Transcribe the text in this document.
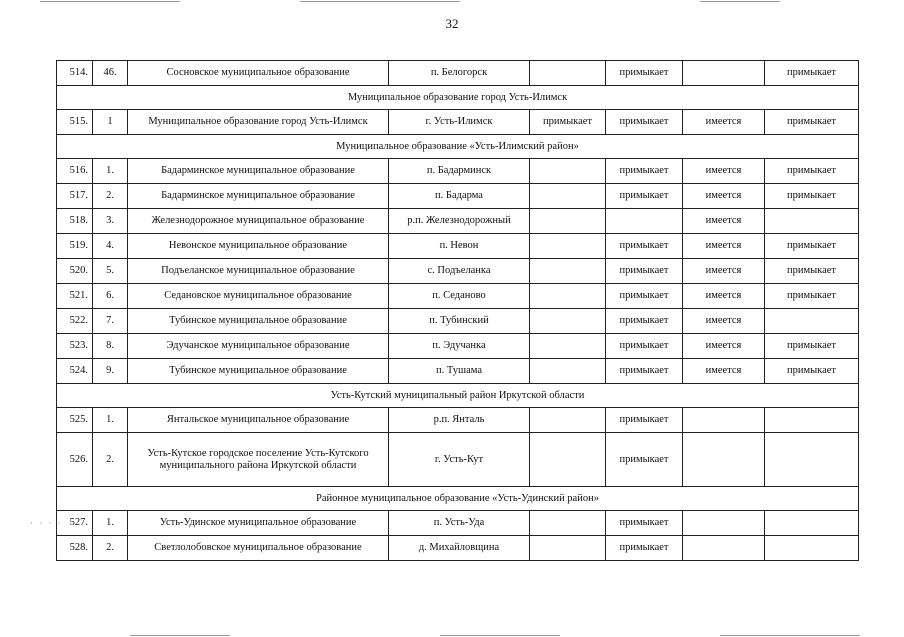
· · · ·
32
514.	46.	Сосновское муниципальное образование	п. Белогорск		примыкает		примыкает
Муниципальное образование город Усть-Илимск							
515.	1	Муниципальное образование город Усть-Илимск	г. Усть-Илимск	примыкает	примыкает	имеется	примыкает
Муниципальное образование «Усть-Илимский район»							
516.	1.	Бадарминское муниципальное образование	п. Бадарминск		примыкает	имеется	примыкает
517.	2.	Бадарминское муниципальное образование	п. Бадарма		примыкает	имеется	примыкает
518.	3.	Железнодорожное муниципальное образование	р.п. Железнодорожный			имеется	
519.	4.	Невонское муниципальное образование	п. Невон		примыкает	имеется	примыкает
520.	5.	Подъеланское муниципальное образование	с. Подъеланка		примыкает	имеется	примыкает
521.	6.	Седановское муниципальное образование	п. Седаново		примыкает	имеется	примыкает
522.	7.	Тубинское муниципальное образование	п. Тубинский		примыкает	имеется	
523.	8.	Эдучанское муниципальное образование	п. Эдучанка		примыкает	имеется	примыкает
524.	9.	Тубинское муниципальное образование	п. Тушама		примыкает	имеется	примыкает
Усть-Кутский муниципальный район Иркутской области							
525.	1.	Янтальское муниципальное образование	р.п. Янталь		примыкает		
526.	2.	Усть-Кутское городское поселение Усть-Кутского муниципального района Иркутской области	г. Усть-Кут		примыкает		
Районное муниципальное образование «Усть-Удинский район»							
527.	1.	Усть-Удинское муниципальное образование	п. Усть-Уда		примыкает		
528.	2.	Светлолобовское муниципальное образование	д. Михайловщина		примыкает		
